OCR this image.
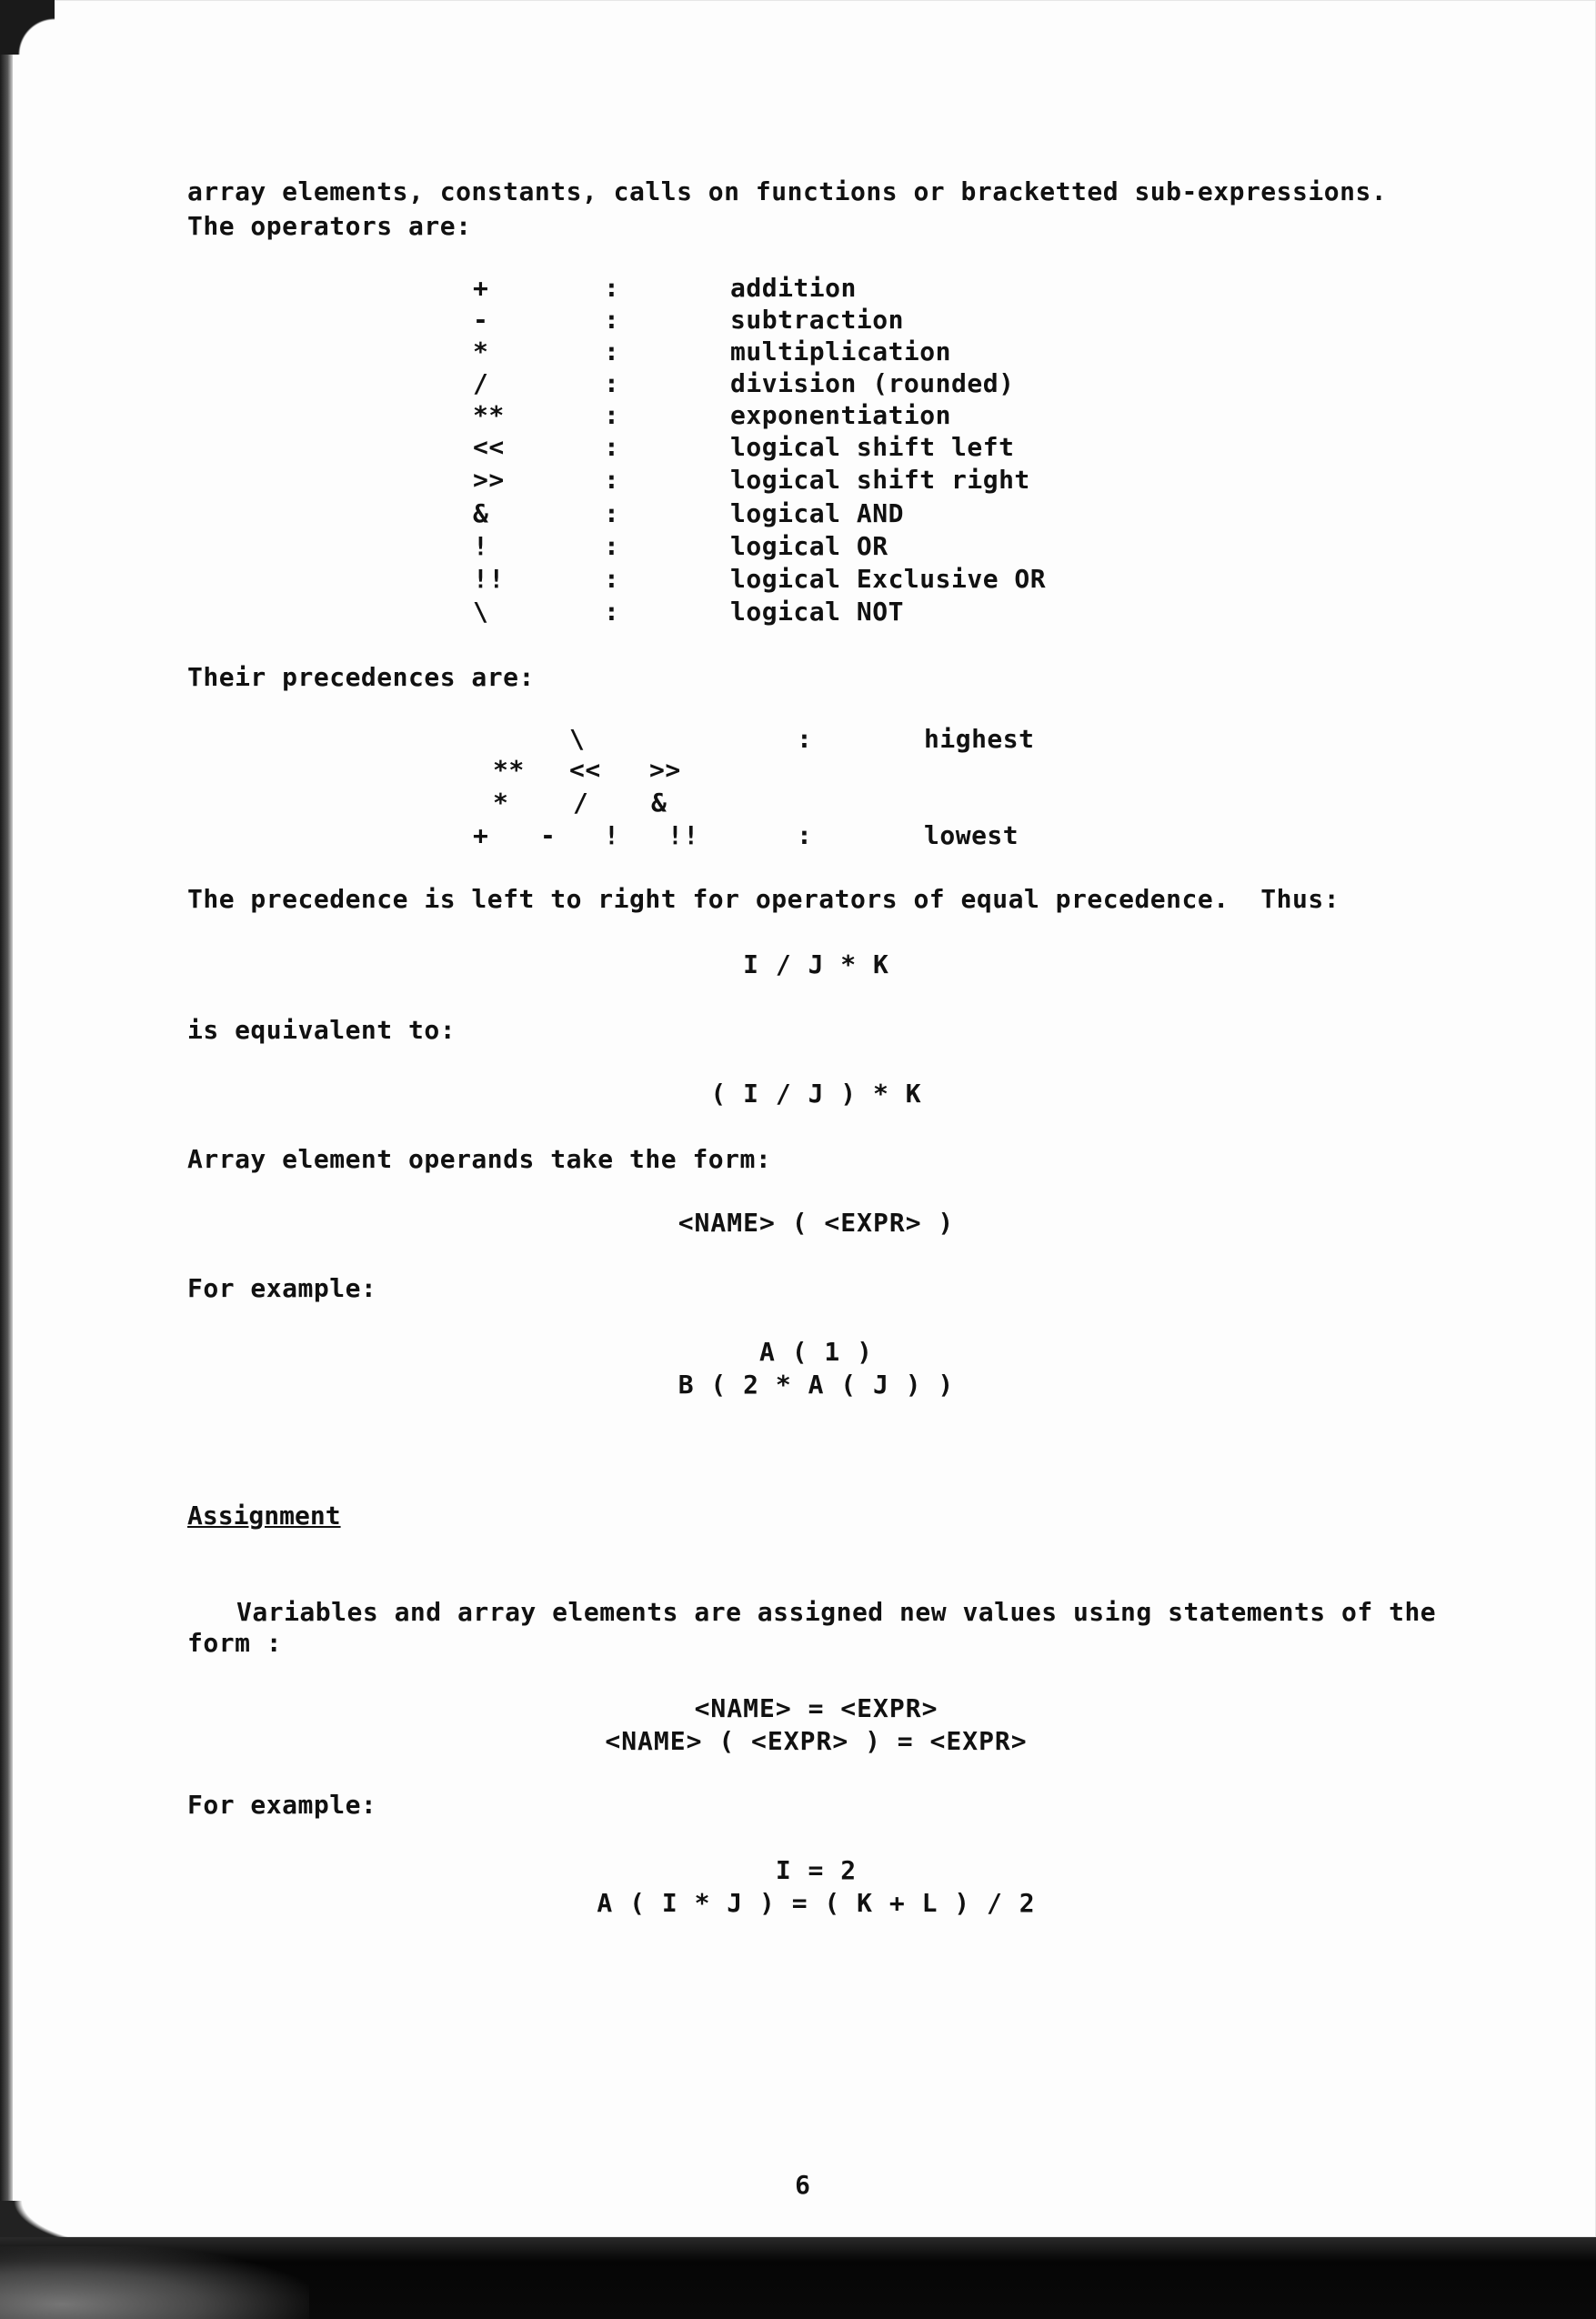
array elements, constants, calls on functions or bracketted sub-expressions.
The operators are:
+	:	addition
-	:	subtraction
*	:	multiplication
/	:	division (rounded)
**	:	exponentiation
<<	:	logical shift left
>>	:	logical shift right
&	:	logical AND
!	:	logical OR
!!	:	logical Exclusive OR
\	:	logical NOT
Their precedences are:
\	:	highest
** << >>
*	/ &
+ - ! !!	:	lowest
The precedence is left to right for operators of equal precedence.  Thus:
I / J * K
is equivalent to:
( I / J ) * K
Array element operands take the form:
<NAME> ( <EXPR> )
For example:
A ( 1 )
B ( 2 * A ( J ) )
Assignment
Variables and array elements are assigned new values using statements of the
form :
<NAME> = <EXPR>
<NAME> ( <EXPR> ) = <EXPR>
For example:
I = 2
A ( I * J ) = ( K + L ) / 2
6
